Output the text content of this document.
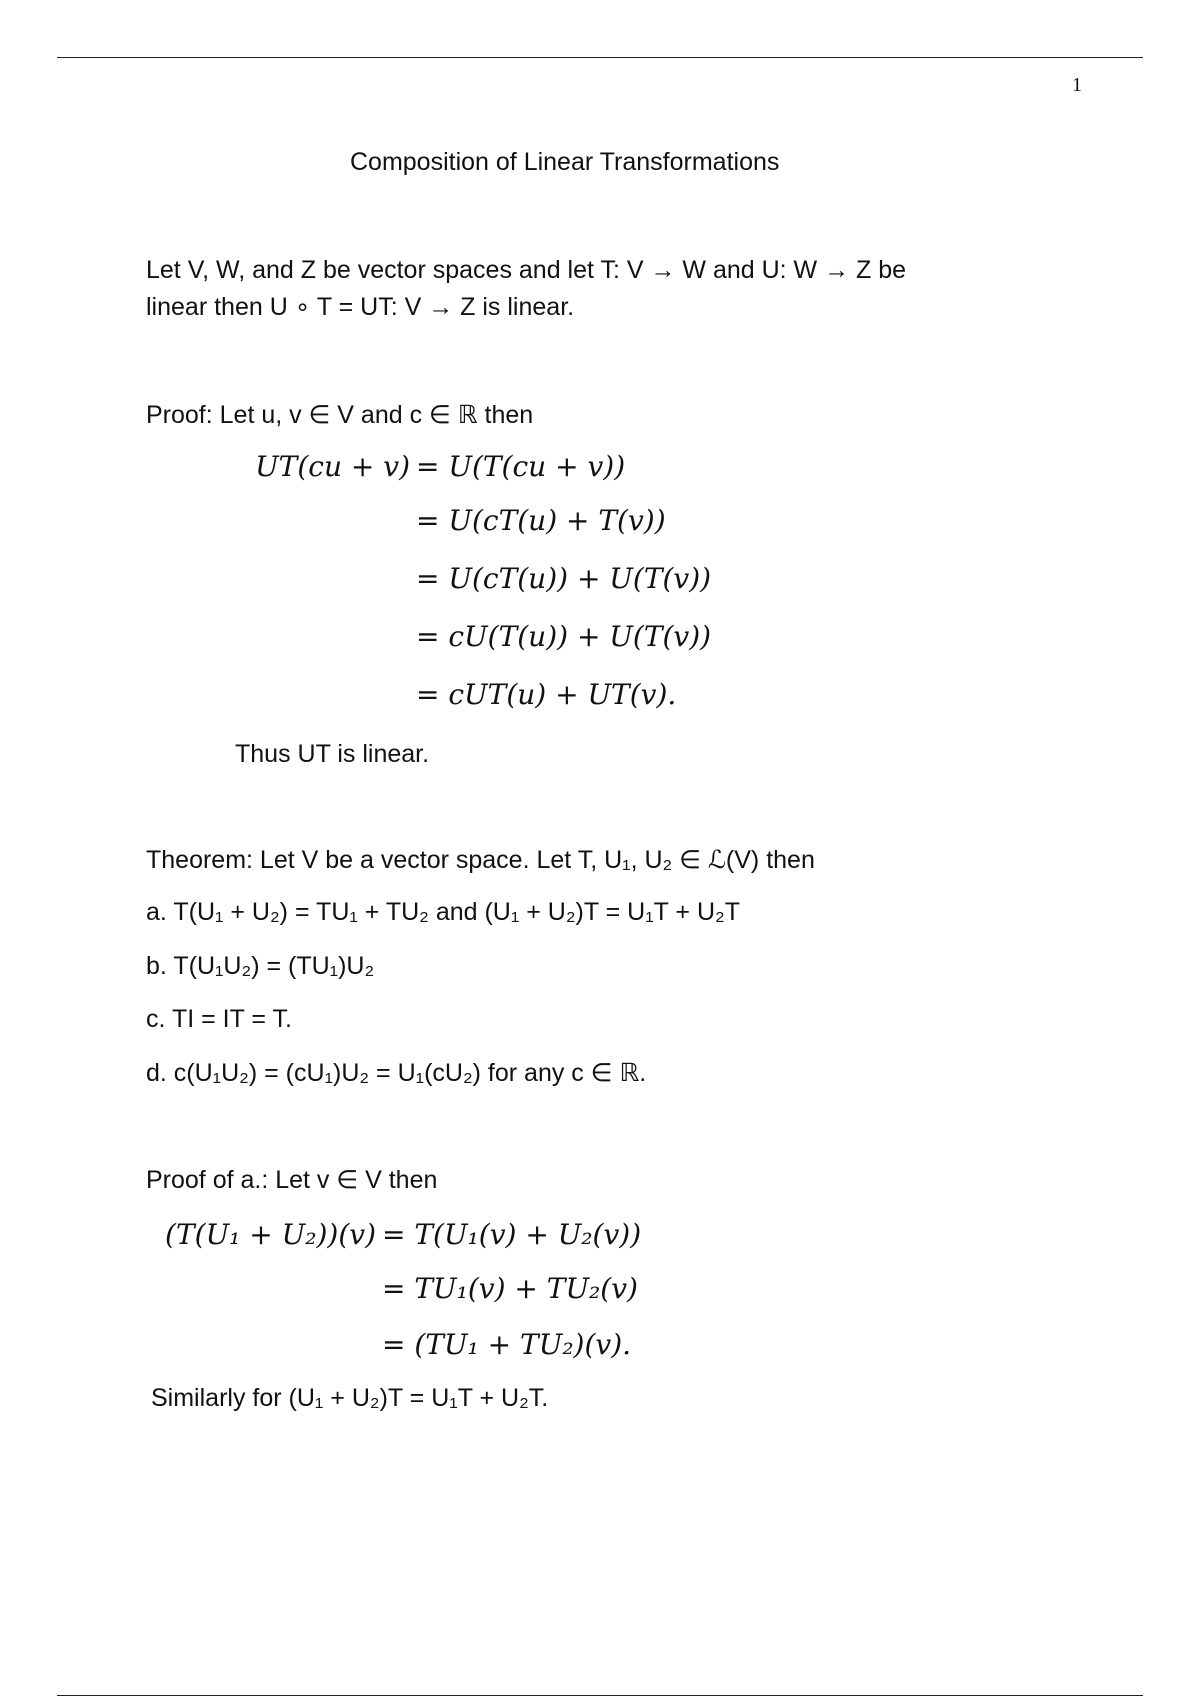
1
Composition of Linear Transformations
Let V, W, and Z be vector spaces and let T: V → W and U: W → Z be
linear then U ∘ T = UT: V → Z is linear.
Proof: Let u, v ∈ V and c ∈ ℝ then
UT(cu + v) = U(T(cu + v))
= U(cT(u) + T(v))
= U(cT(u)) + U(T(v))
= cU(T(u)) + U(T(v))
= cUT(u) + UT(v).
Thus UT is linear.
Theorem: Let V be a vector space. Let T, U₁, U₂ ∈ ℒ(V) then
a. T(U₁ + U₂) = TU₁ + TU₂ and (U₁ + U₂)T = U₁T + U₂T
b. T(U₁U₂) = (TU₁)U₂
c. TI = IT = T.
d. c(U₁U₂) = (cU₁)U₂ = U₁(cU₂) for any c ∈ ℝ.
Proof of a.: Let v ∈ V then
(T(U₁ + U₂))(v) = T(U₁(v) + U₂(v))
= TU₁(v) + TU₂(v)
= (TU₁ + TU₂)(v).
Similarly for (U₁ + U₂)T = U₁T + U₂T.
